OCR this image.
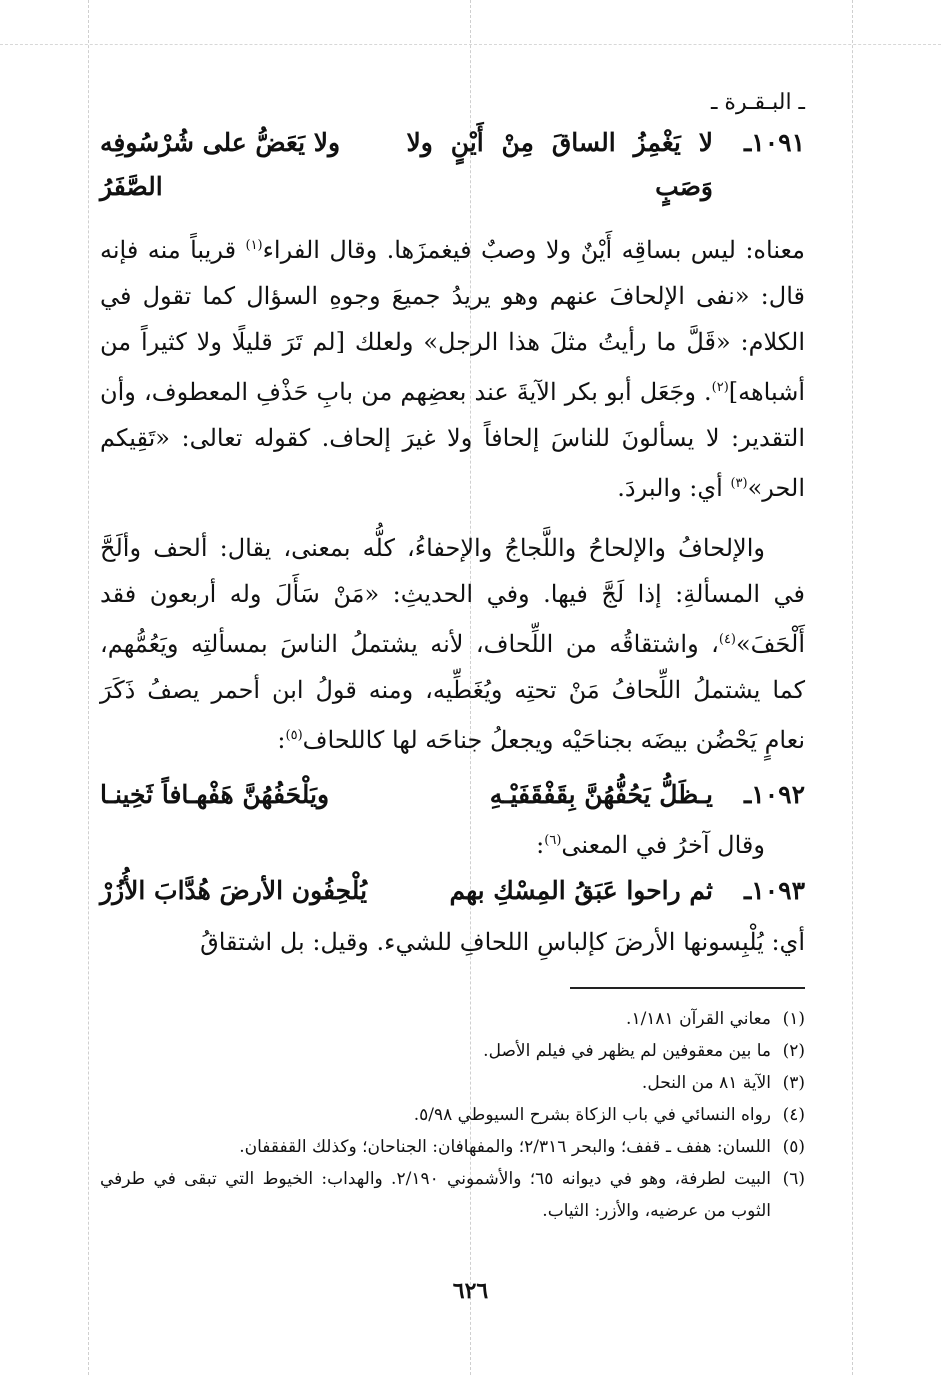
ـ البـقـرة ـ
١٠٩١ـ
لا يَغْمِزُ الساقَ مِنْ أَيْنٍ ولا وَصَبٍ
ولا يَعَضُّ على شُرْسُوفِه الصَّفَرُ

معناه: ليس بساقِه أَيْنٌ ولا وصبٌ فيغمزَها. وقال الفراء$^{(١)}$ قريباً منه فإنه قال: «نفى الإلحافَ عنهم وهو يريدُ جميعَ وجوهِ السؤال كما تقول في الكلام: «قَلَّ ما رأيتُ مثلَ هذا الرجل» ولعلك [لم تَرَ قليلًا ولا كثيراً من أشباهه]$^{(٢)}$. وجَعَل أبو بكر الآيةَ عند بعضِهم من بابِ حَذْفِ المعطوف، وأن التقدير: لا يسألونَ للناسَ إلحافاً ولا غيرَ إلحاف. كقوله تعالى: «تَقِيكم الحر»$^{(٣)}$ أي: والبردَ.

والإلحافُ والإلحاحُ واللَّجاجُ والإحفاءُ، كلُّه بمعنى، يقال: ألحف وألَحَّ في المسألةِ: إذا لَجَّ فيها. وفي الحديثِ: «مَنْ سَأَلَ وله أربعون فقد أَلْحَفَ»$^{(٤)}$، واشتقاقُه من اللِّحاف، لأنه يشتملُ الناسَ بمسألتِه ويَعُمُّهم، كما يشتملُ اللِّحافُ مَنْ تحتِه ويُغَطِّيه، ومنه قولُ ابن أحمر يصفُ ذَكَرَ نعامٍ يَحْضُن بيضَه بجناحَيْه ويجعلُ جناحَه لها كاللحاف$^{(٥)}$:

١٠٩٢ـ
يـظَلُّ يَحُفُّهُنَّ بِقَفْقَفَيْـهِ
ويَلْحَفُهُنَّ هَفْهـافاً ثَخِينـا
وقال آخرُ في المعنى$^{(٦)}$:
١٠٩٣ـ
ثم راحوا عَبَقُ المِسْكِ بهم
يُلْحِفُون الأرضَ هُدَّابَ الأُزُرْ
أي: يُلْبِسونها الأرضَ كإلباسِ اللحافِ للشيء. وقيل: بل اشتقاقُ
(١)
معاني القرآن ١/١٨١.
(٢)
ما بين معقوفين لم يظهر في فيلم الأصل.
(٣)
الآية ٨١ من النحل.
(٤)
رواه النسائي في باب الزكاة بشرح السيوطي ٥/٩٨.
(٥)
اللسان: هفف ـ قفف؛ والبحر ٢/٣١٦؛ والمفهافان: الجناحان؛ وكذلك القفقفان.
(٦)
البيت لطرفة، وهو في ديوانه ٦٥؛ والأشموني ٢/١٩٠. والهداب: الخيوط التي تبقى في طرفي الثوب من عرضيه، والأزر: الثياب.
٦٢٦
